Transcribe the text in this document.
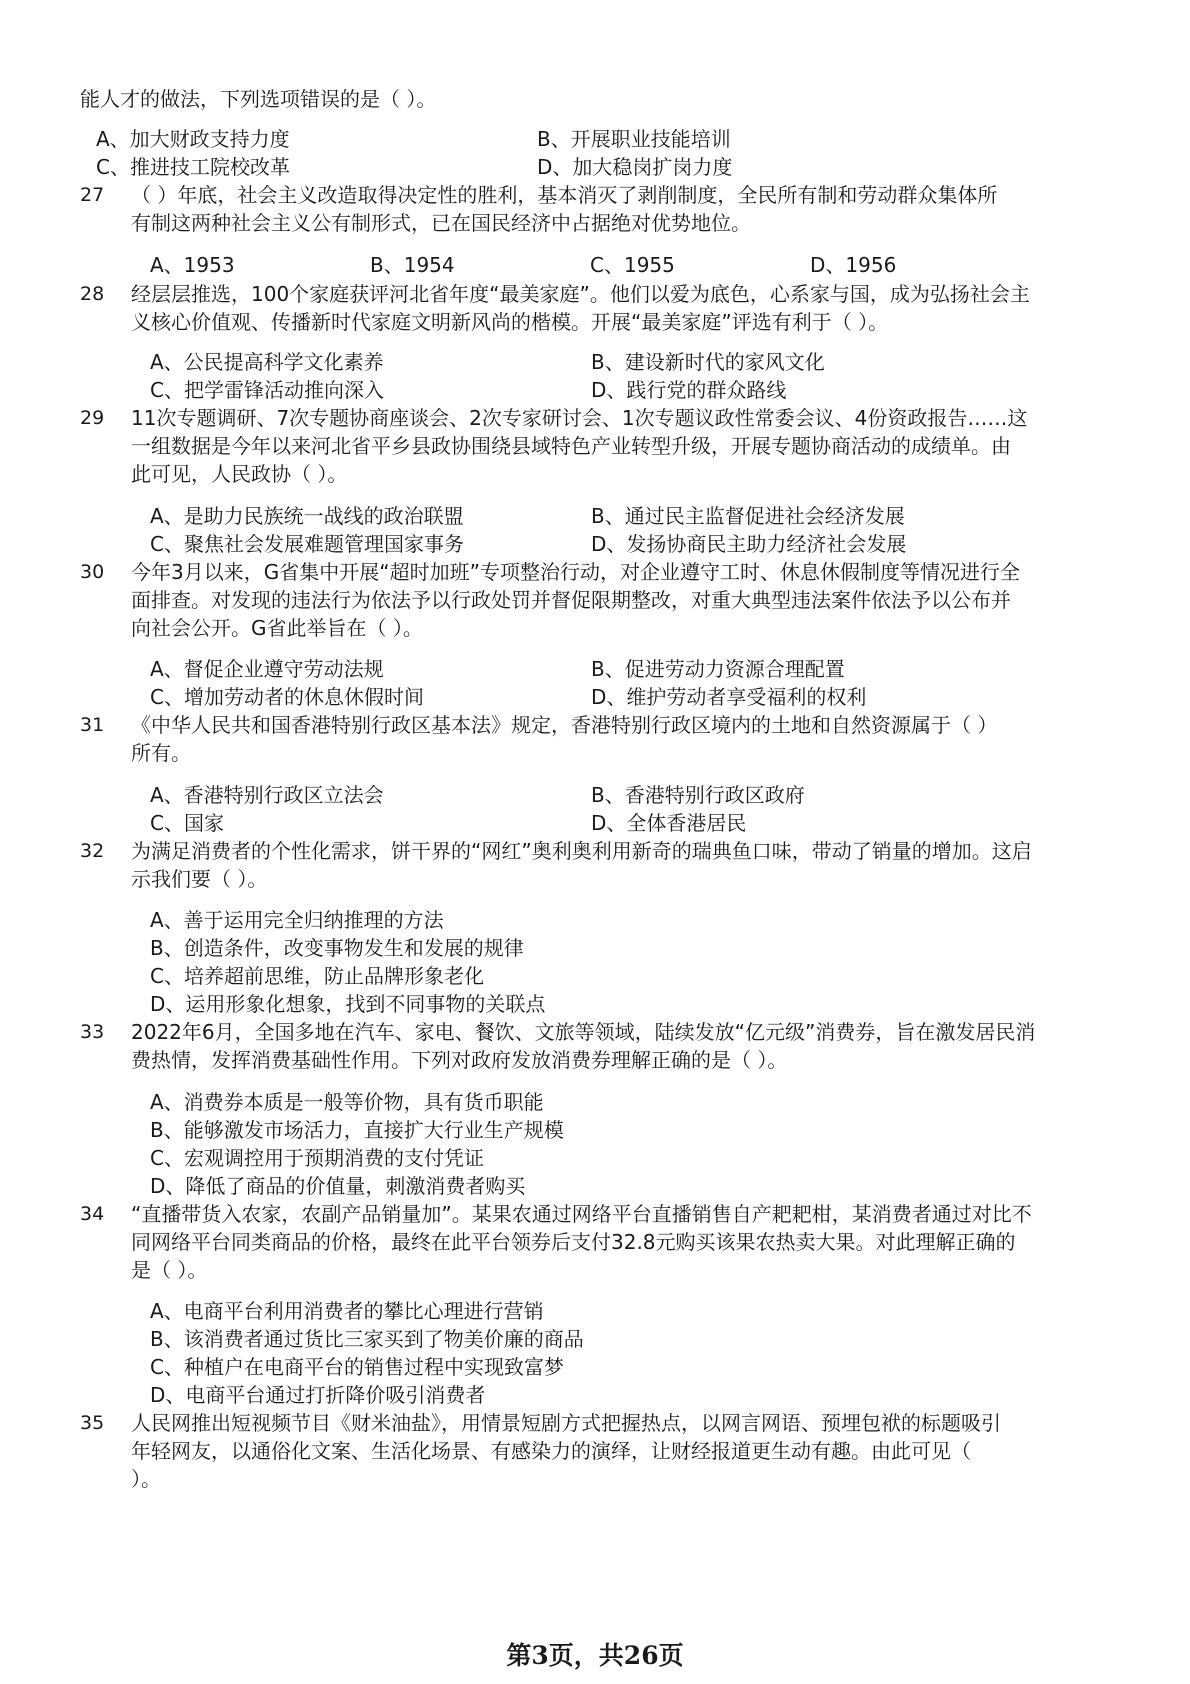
能人才的做法，下列选项错误的是（ ）。
A、加大财政支持力度	B、开展职业技能培训
C、推进技工院校改革	D、加大稳岗扩岗力度
27 （ ）年底，社会主义改造取得决定性的胜利，基本消灭了剥削制度，全民所有制和劳动群众集体所
有制这两种社会主义公有制形式，已在国民经济中占据绝对优势地位。
A、1953	B、1954	C、1955	D、1956
28 经层层推选，100个家庭获评河北省年度“最美家庭”。他们以爱为底色，心系家与国，成为弘扬社会主
义核心价值观、传播新时代家庭文明新风尚的楷模。开展“最美家庭”评选有利于（ ）。
A、公民提高科学文化素养	B、建设新时代的家风文化
C、把学雷锋活动推向深入	D、践行党的群众路线
29 11次专题调研、7次专题协商座谈会、2次专家研讨会、1次专题议政性常委会议、4份资政报告……这
一组数据是今年以来河北省平乡县政协围绕县域特色产业转型升级，开展专题协商活动的成绩单。由
此可见，人民政协（ ）。
A、是助力民族统一战线的政治联盟	B、通过民主监督促进社会经济发展
C、聚焦社会发展难题管理国家事务	D、发扬协商民主助力经济社会发展
30 今年3月以来，G省集中开展“超时加班”专项整治行动，对企业遵守工时、休息休假制度等情况进行全
面排查。对发现的违法行为依法予以行政处罚并督促限期整改，对重大典型违法案件依法予以公布并
向社会公开。G省此举旨在（ ）。
A、督促企业遵守劳动法规	B、促进劳动力资源合理配置
C、增加劳动者的休息休假时间	D、维护劳动者享受福利的权利
31 《中华人民共和国香港特别行政区基本法》规定，香港特别行政区境内的土地和自然资源属于（ ）
所有。
A、香港特别行政区立法会	B、香港特别行政区政府
C、国家	D、全体香港居民
32 为满足消费者的个性化需求，饼干界的“网红”奥利奥利用新奇的瑞典鱼口味，带动了销量的增加。这启
示我们要（ ）。
A、善于运用完全归纳推理的方法
B、创造条件，改变事物发生和发展的规律
C、培养超前思维，防止品牌形象老化
D、运用形象化想象，找到不同事物的关联点
33 2022年6月，全国多地在汽车、家电、餐饮、文旅等领域，陆续发放“亿元级”消费券，旨在激发居民消
费热情，发挥消费基础性作用。下列对政府发放消费券理解正确的是（ ）。
A、消费券本质是一般等价物，具有货币职能
B、能够激发市场活力，直接扩大行业生产规模
C、宏观调控用于预期消费的支付凭证
D、降低了商品的价值量，刺激消费者购买
34 “直播带货入农家，农副产品销量加”。某果农通过网络平台直播销售自产耙耙柑，某消费者通过对比不
同网络平台同类商品的价格，最终在此平台领券后支付32.8元购买该果农热卖大果。对此理解正确的
是（ ）。
A、电商平台利用消费者的攀比心理进行营销
B、该消费者通过货比三家买到了物美价廉的商品
C、种植户在电商平台的销售过程中实现致富梦
D、电商平台通过打折降价吸引消费者
35 人民网推出短视频节目《财米油盐》，用情景短剧方式把握热点，以网言网语、预埋包袱的标题吸引
年轻网友，以通俗化文案、生活化场景、有感染力的演绎，让财经报道更生动有趣。由此可见（
）。
第3页，共26页
